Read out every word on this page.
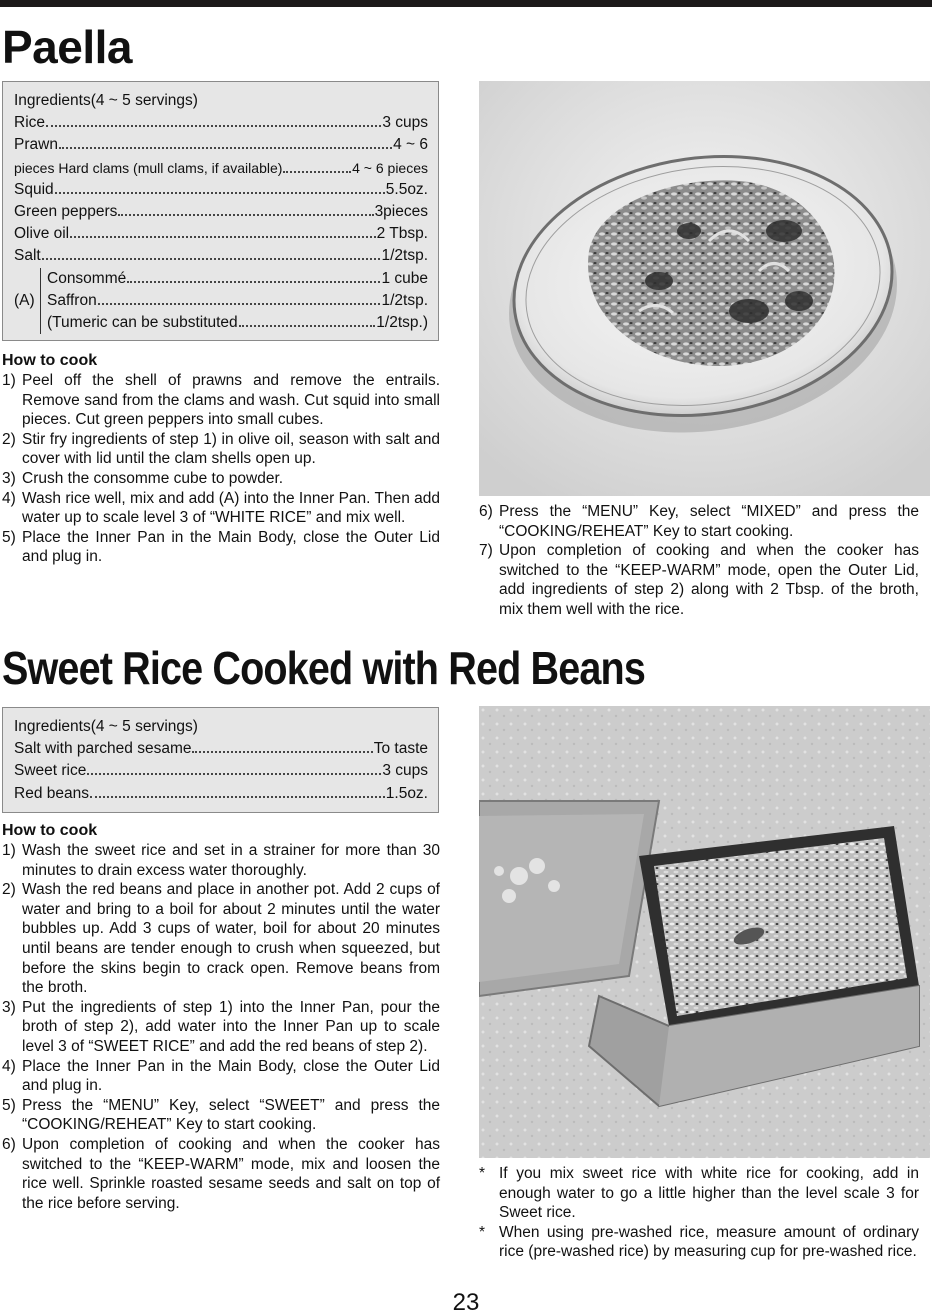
Paella
Ingredients(4 ~ 5 servings)
Rice	3 cups
Prawn	4 ~ 6
pieces Hard clams (mull clams, if available)	4 ~ 6 pieces
Squid	5.5oz.
Green peppers	3pieces
Olive oil	2 Tbsp.
Salt	1/2tsp.
(A)
Consommé	1 cube
Saffron	1/2tsp.
(Tumeric can be substituted	1/2tsp.)
How to cook
1) Peel off the shell of prawns and remove the entrails. Remove sand from the clams and wash. Cut squid into small pieces. Cut green peppers into small cubes.
2) Stir fry ingredients of step 1) in olive oil, season with salt and cover with lid until the clam shells open up.
3) Crush the consomme cube to powder.
4) Wash rice well, mix and add (A) into the Inner Pan. Then add water up to scale level 3 of “WHITE RICE” and mix well.
5) Place the Inner Pan in the Main Body, close the Outer Lid and plug in.
6) Press the “MENU” Key, select “MIXED” and press the “COOKING/REHEAT” Key to start cooking.
7) Upon completion of cooking and when the cooker has switched to the “KEEP-WARM” mode, open the Outer Lid, add ingredients of step 2) along with 2 Tbsp. of the broth, mix them well with the rice.
Sweet Rice Cooked with Red Beans
Ingredients(4 ~ 5 servings)
Salt with parched sesame	To taste
Sweet rice	3 cups
Red beans	1.5oz.
How to cook
1) Wash the sweet rice and set in a strainer for more than 30 minutes to drain excess water thoroughly.
2) Wash the red beans and place in another pot. Add 2 cups of water and bring to a boil for about 2 minutes until the water bubbles up. Add 3 cups of water, boil for about 20 minutes until beans are tender enough to crush when squeezed, but before the skins begin to crack open. Remove beans from the broth.
3) Put the ingredients of step 1) into the Inner Pan, pour the broth of step 2), add water into the Inner Pan up to scale level 3 of “SWEET RICE” and add the red beans of step 2).
4) Place the Inner Pan in the Main Body, close the Outer Lid and plug in.
5) Press the “MENU” Key, select “SWEET” and press the “COOKING/REHEAT” Key to start cooking.
6) Upon completion of cooking and when the cooker has switched to the “KEEP-WARM” mode, mix and loosen the rice well. Sprinkle roasted sesame seeds and salt on top of the rice before serving.
* If you mix sweet rice with white rice for cooking, add in enough water to go a little higher than the level scale 3 for Sweet rice.
* When using pre-washed rice, measure amount of ordinary rice (pre-washed rice) by measuring cup for pre-washed rice.
23
